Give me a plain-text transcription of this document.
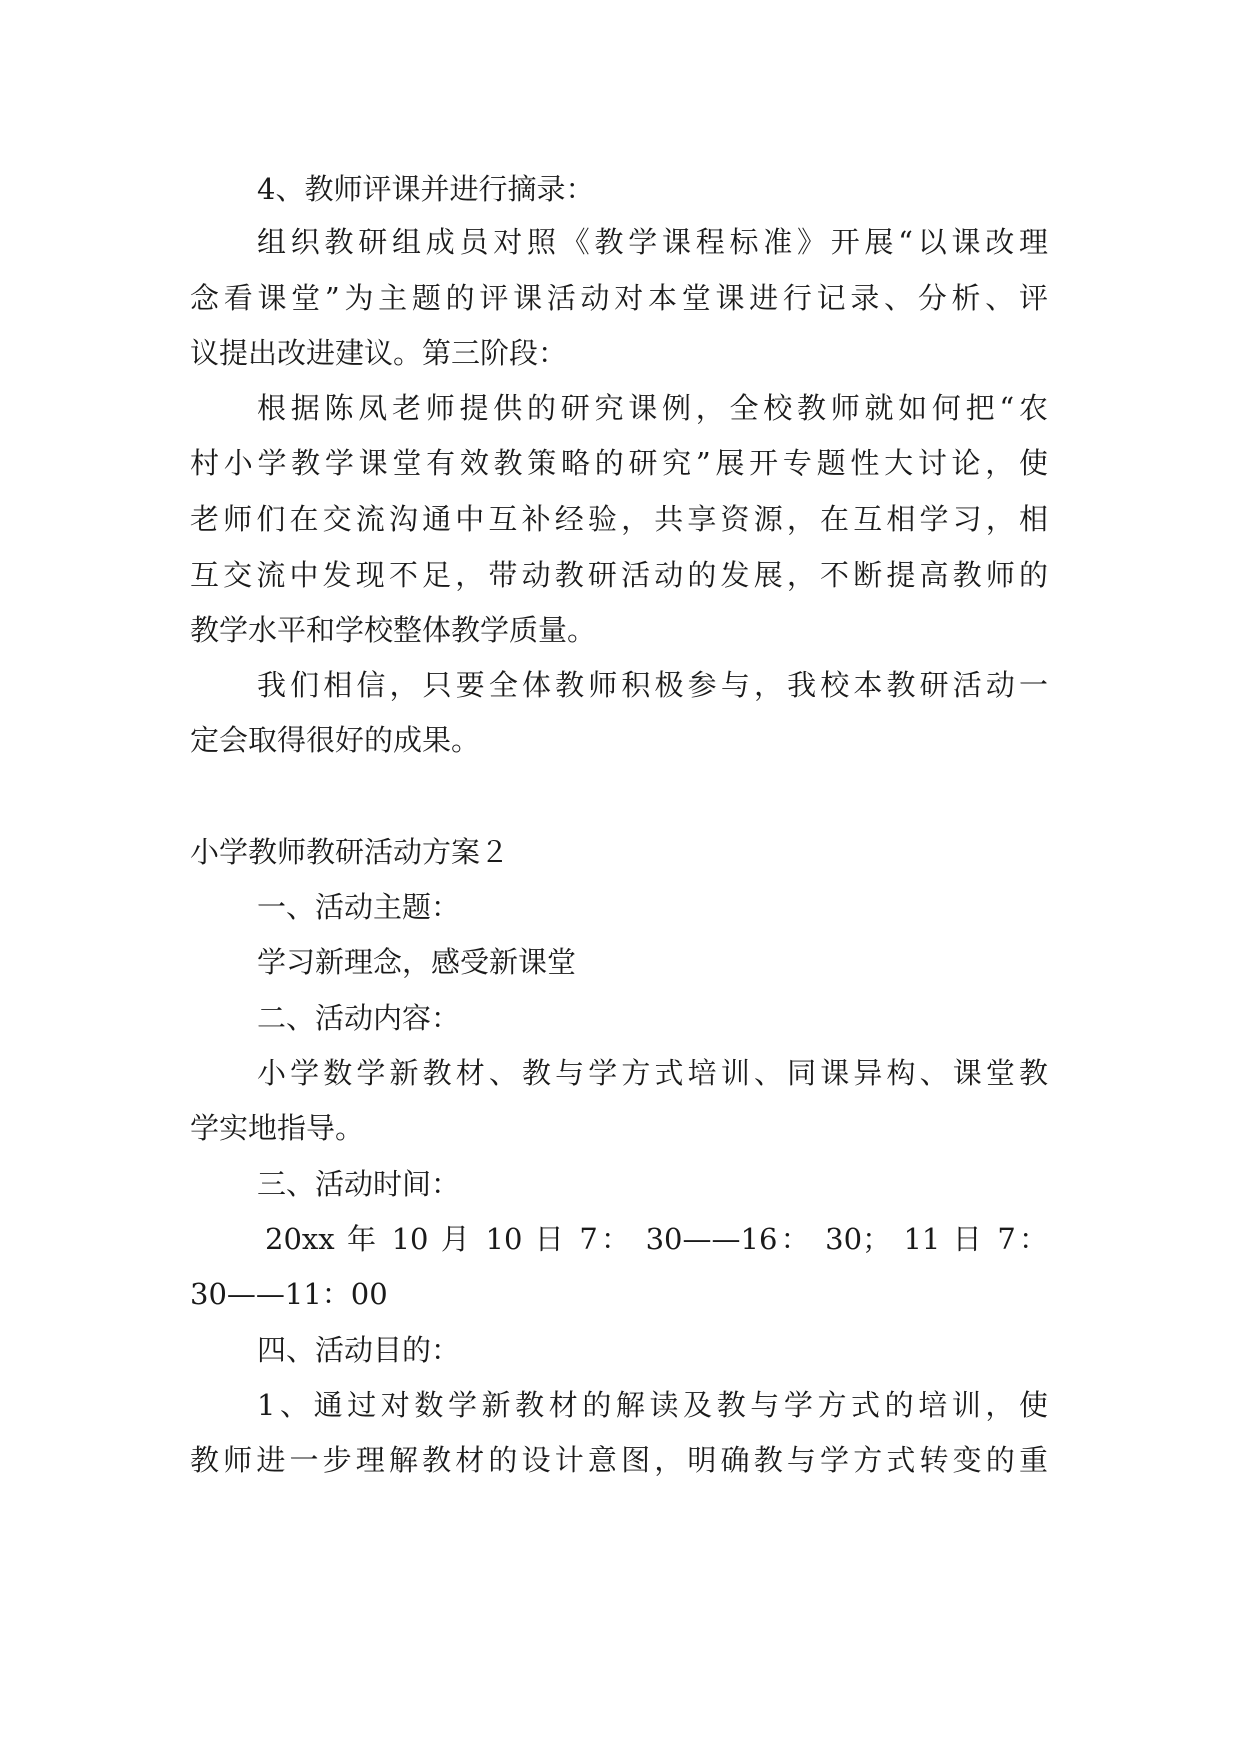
4、教师评课并进行摘录：
组织教研组成员对照《教学课程标准》开展“以课改理
念看课堂”为主题的评课活动对本堂课进行记录、分析、评
议提出改进建议。第三阶段：
根据陈凤老师提供的研究课例，全校教师就如何把“农
村小学教学课堂有效教策略的研究”展开专题性大讨论，使
老师们在交流沟通中互补经验，共享资源，在互相学习，相
互交流中发现不足，带动教研活动的发展，不断提高教师的
教学水平和学校整体教学质量。
我们相信，只要全体教师积极参与，我校本教研活动一
定会取得很好的成果。
小学教师教研活动方案２
一、活动主题：
学习新理念，感受新课堂
二、活动内容：
小学数学新教材、教与学方式培训、同课异构、课堂教
学实地指导。
三、活动时间：
20xx 年 10 月 10 日 7： 30——16： 30； 11 日 7：
30——11：00
四、活动目的：
1、通过对数学新教材的解读及教与学方式的培训，使
教师进一步理解教材的设计意图，明确教与学方式转变的重
